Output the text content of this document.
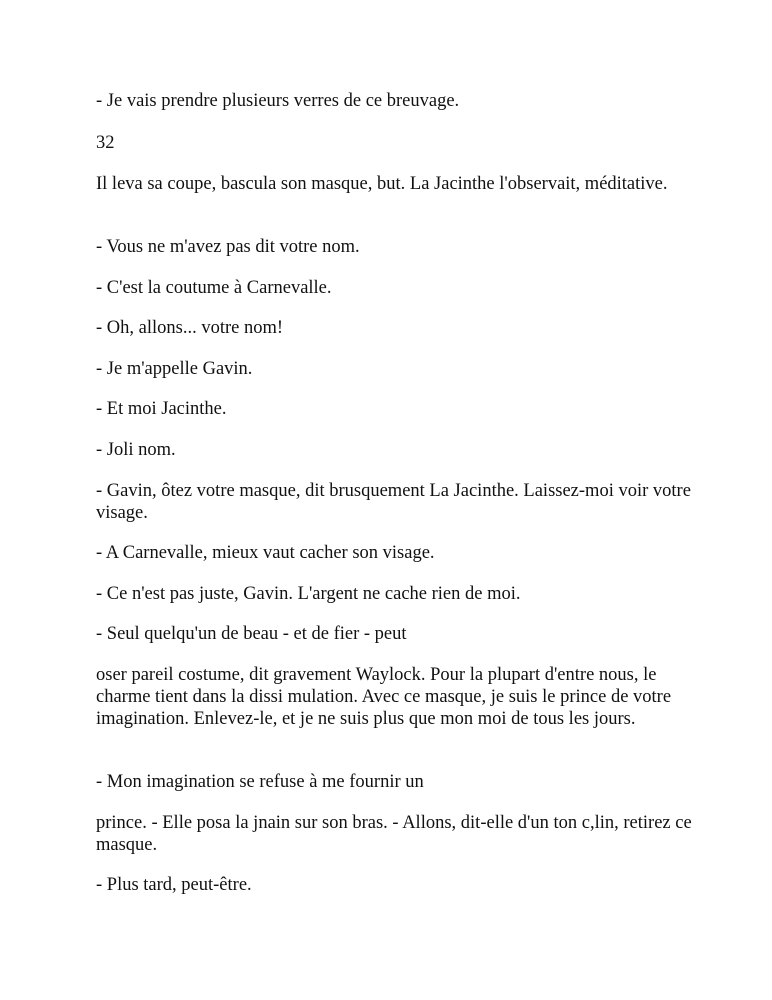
- Je vais prendre plusieurs verres de ce breuvage.

32

Il leva sa coupe, bascula son masque, but. La Jacinthe l'observait, méditative.

- Vous ne m'avez pas dit votre nom.

- C'est la coutume à Carnevalle.

- Oh, allons... votre nom!

- Je m'appelle Gavin.

- Et moi Jacinthe.

- Joli nom.

- Gavin, ôtez votre masque, dit brusquement La Jacinthe. Laissez-moi voir votre visage.

- A Carnevalle, mieux vaut cacher son visage.

- Ce n'est pas juste, Gavin. L'argent ne cache rien de moi.

- Seul quelqu'un de beau - et de fier - peut

oser pareil costume, dit gravement Waylock. Pour la plupart d'entre nous, le charme tient dans la dissi mulation. Avec ce masque, je suis le prince de votre imagination. Enlevez-le, et je ne suis plus que mon moi de tous les jours.

- Mon imagination se refuse à me fournir un

prince. - Elle posa la jnain sur son bras. - Allons, dit-elle d'un ton c,lin, retirez ce masque.

- Plus tard, peut-être.
